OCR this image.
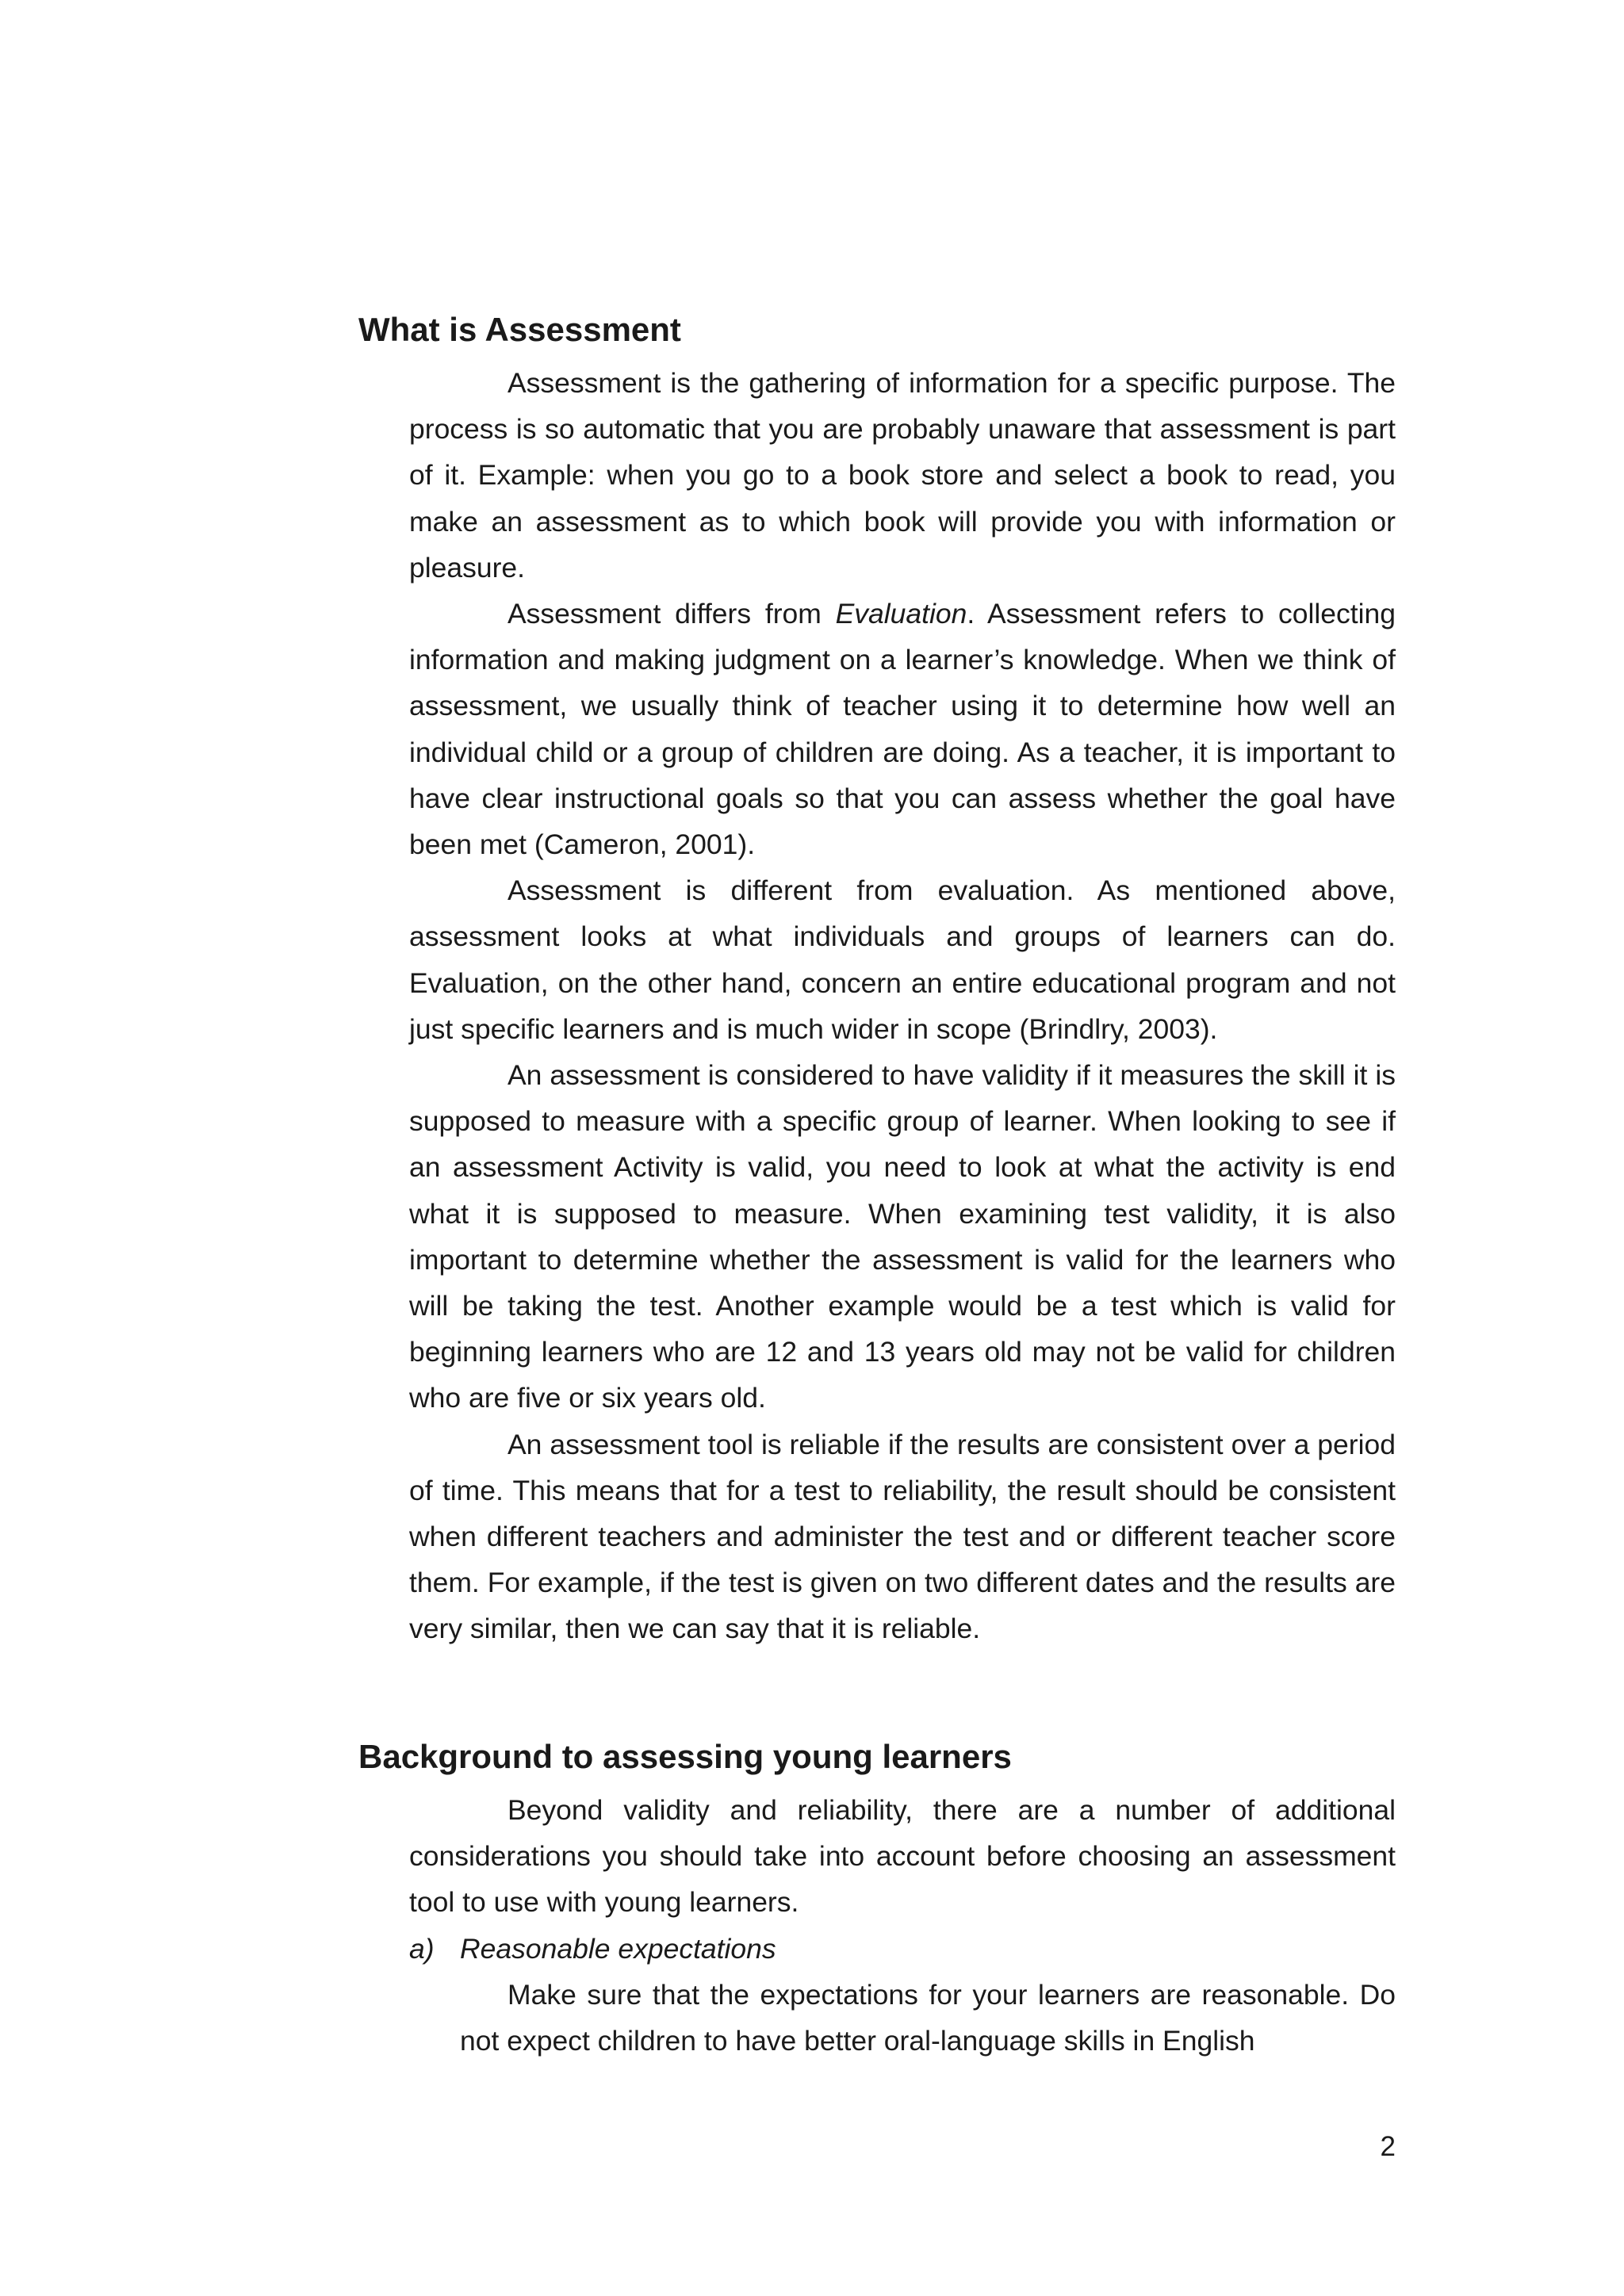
What is Assessment

Assessment is the gathering of information for a specific purpose. The process is so automatic that you are probably unaware that assessment is part of it. Example: when you go to a book store and select a book to read, you make an assessment as to which book will provide you with information or pleasure.

Assessment differs from Evaluation. Assessment refers to collecting information and making judgment on a learner’s knowledge. When we think of assessment, we usually think of teacher using it to determine how well an individual child or a group of children are doing. As a teacher, it is important to have clear instructional goals so that you can assess whether the goal have been met (Cameron, 2001).

Assessment is different from evaluation. As mentioned above, assessment looks at what individuals and groups of learners can do. Evaluation, on the other hand, concern an entire educational program and not just specific learners and is much wider in scope (Brindlry, 2003).

An assessment is considered to have validity if it measures the skill it is supposed to measure with a specific group of learner. When looking to see if an assessment Activity is valid, you need to look at what the activity is end what it is supposed to measure. When examining test validity, it is also important to determine whether the assessment is valid for the learners who will be taking the test. Another example would be a test which is valid for beginning learners who are 12 and 13 years old may not be valid for children who are five or six years old.

An assessment tool is reliable if the results are consistent over a period of time. This means that for a test to reliability, the result should be consistent when different teachers and administer the test and or different teacher score them. For example, if the test is given on two different dates and the results are very similar, then we can say that it is reliable.

Background to assessing young learners

Beyond validity and reliability, there are a number of additional considerations you should take into account before choosing an assessment tool to use with young learners.

a) Reasonable expectations

Make sure that the expectations for your learners are reasonable. Do not expect children to have better oral-language skills in English

2
